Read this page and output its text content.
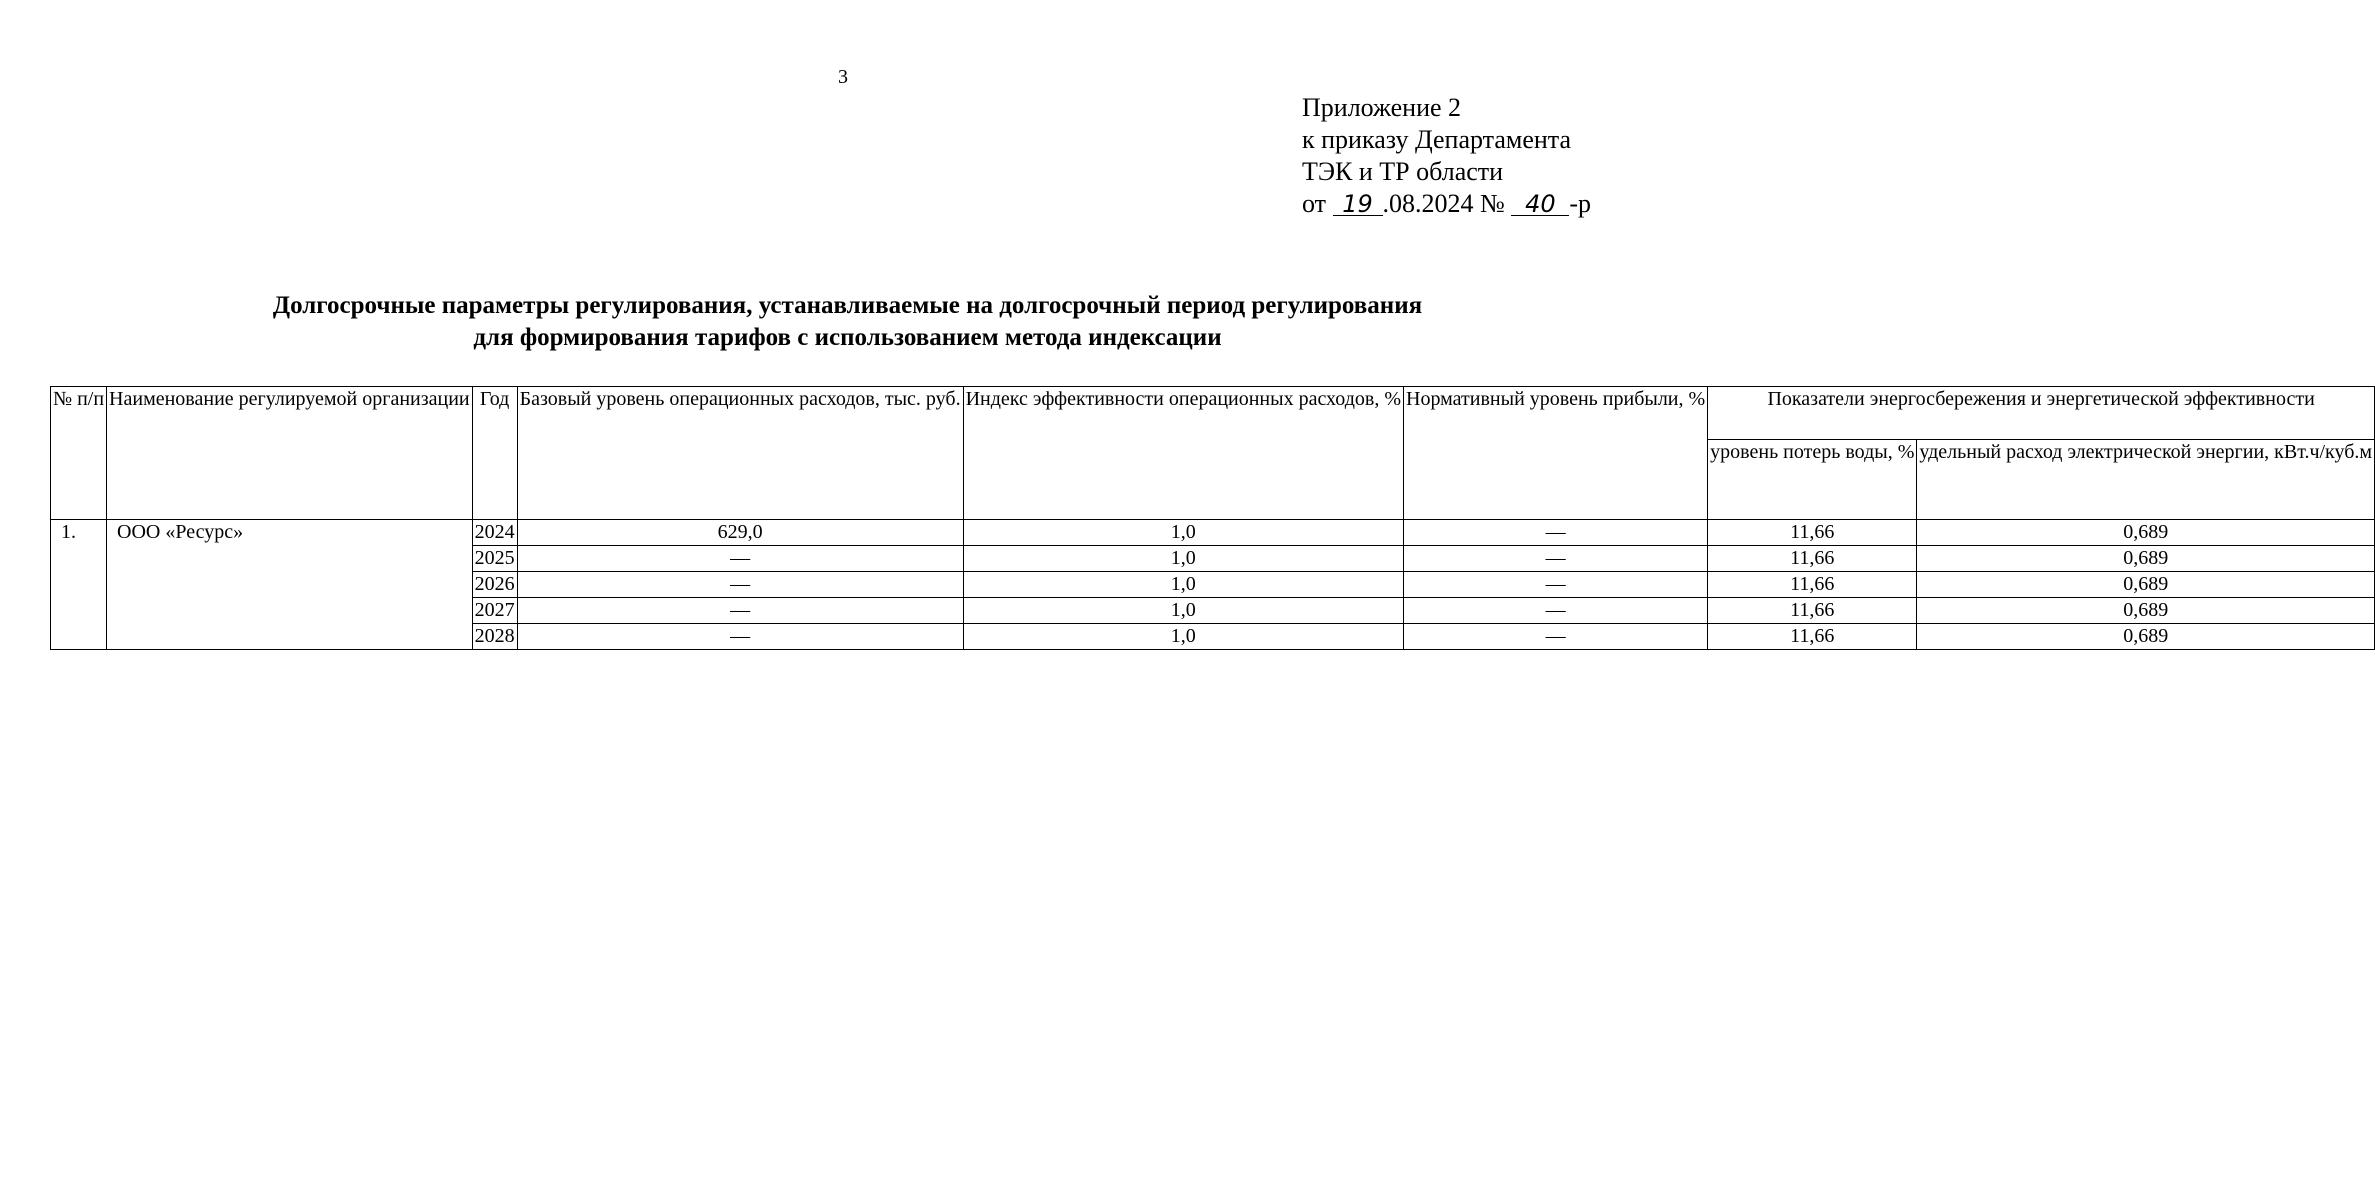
3
Приложение 2
к приказу Департамента
ТЭК и ТР области
от 19 .08.2024 № 40 -р
Долгосрочные параметры регулирования, устанавливаемые на долгосрочный период регулирования
для формирования тарифов с использованием метода индексации
№ п/п	Наименование регулируемой организации	Год	Базовый уровень операционных расходов, тыс. руб.	Индекс эффективности операционных расходов, %	Нормативный уровень прибыли, %	Показатели энергосбережения и энергетической эффективности	
						уровень потерь воды, %	удельный расход электрической энергии, кВт.ч/куб.м
1.	ООО «Ресурс»	2024	629,0	1,0	—	11,66	0,689
		2025	—	1,0	—	11,66	0,689
		2026	—	1,0	—	11,66	0,689
		2027	—	1,0	—	11,66	0,689
		2028	—	1,0	—	11,66	0,689
